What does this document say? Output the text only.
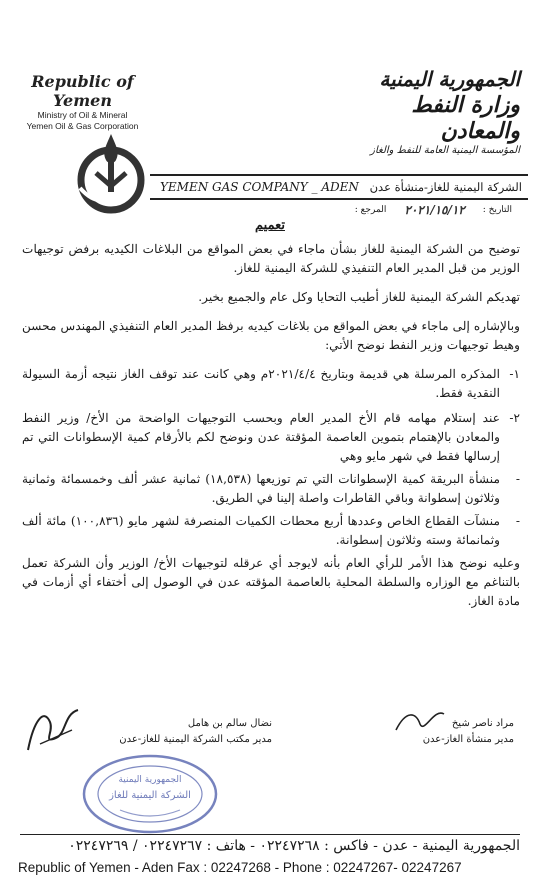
Republic of Yemen
Ministry of Oil & Mineral
Yemen Oil & Gas Corporation
الجمهورية اليمنية
وزارة النفط والمعادن
المؤسسة اليمنية العامة للنفط والغاز
YEMEN GAS COMPANY _ ADEN الشركة اليمنية للغاز-منشأة عدن
التاريخ :
٢٠٢١/١٥/١٢
المرجع :
تعميم

توضيح من الشركة اليمنية للغاز بشأن ماجاء في بعض المواقع من البلاغات الكيديه برفض توجيهات الوزير من قبل المدير العام التنفيذي للشركة اليمنية للغاز.

تهديكم الشركة اليمنية للغاز أطيب التحايا وكل عام والجميع بخير.

وبالإشاره إلى ماجاء في بعض المواقع من بلاغات كيديه برفظ المدير العام التنفيذي المهندس محسن وهيط توجيهات وزير النفط نوضح الأتي:

١-
المذكره المرسلة هي قديمة وبتاريخ ٢٠٢١/٤/٤م وهي كانت عند توقف الغاز نتيجه أزمة السيولة النقدية فقط.
٢-
عند إستلام مهامه قام الأخ المدير العام وبحسب التوجيهات الواضحة من الأخ/ وزير النفط والمعادن بالإهتمام بتموين العاصمة المؤقتة عدن ونوضح لكم بالأرقام كمية الإسطوانات التي تم إرسالها فقط في شهر مايو وهي
-
منشأة البريقة كمية الإسطوانات التي تم توزيعها (١٨,٥٣٨) ثمانية عشر ألف وخمسمائة وثمانية وثلاثون إسطوانة وباقي القاطرات واصلة إلينا في الطريق.
-
منشآت القطاع الخاص وعددها أربع محطات الكميات المنصرفة لشهر مايو (١٠٠,٨٣٦) مائة ألف وثمانمائة وسته وثلاثون إسطوانة.

وعليه نوضح هذا الأمر للرأي العام بأنه لايوجد أي عرقله لتوجيهات الأخ/ الوزير وأن الشركة تعمل بالتناغم مع الوزاره والسلطة المحلية بالعاصمة المؤقته عدن في الوصول إلى أختفاء أي أزمات في مادة الغاز.

نضال سالم بن هامل
مدير مكتب الشركة اليمنية للغاز-عدن
مراد ناصر شيخ
مدير منشأة الغاز-عدن
الجمهورية اليمنية
الشركة اليمنية للغاز
الجمهورية اليمنية - عدن - فاكس : ٠٢٢٤٧٢٦٨ - هاتف : ٠٢٢٤٧٢٦٧ / ٠٢٢٤٧٢٦٩
Republic of Yemen - Aden Fax : 02247268 - Phone : 02247267- 02247267
